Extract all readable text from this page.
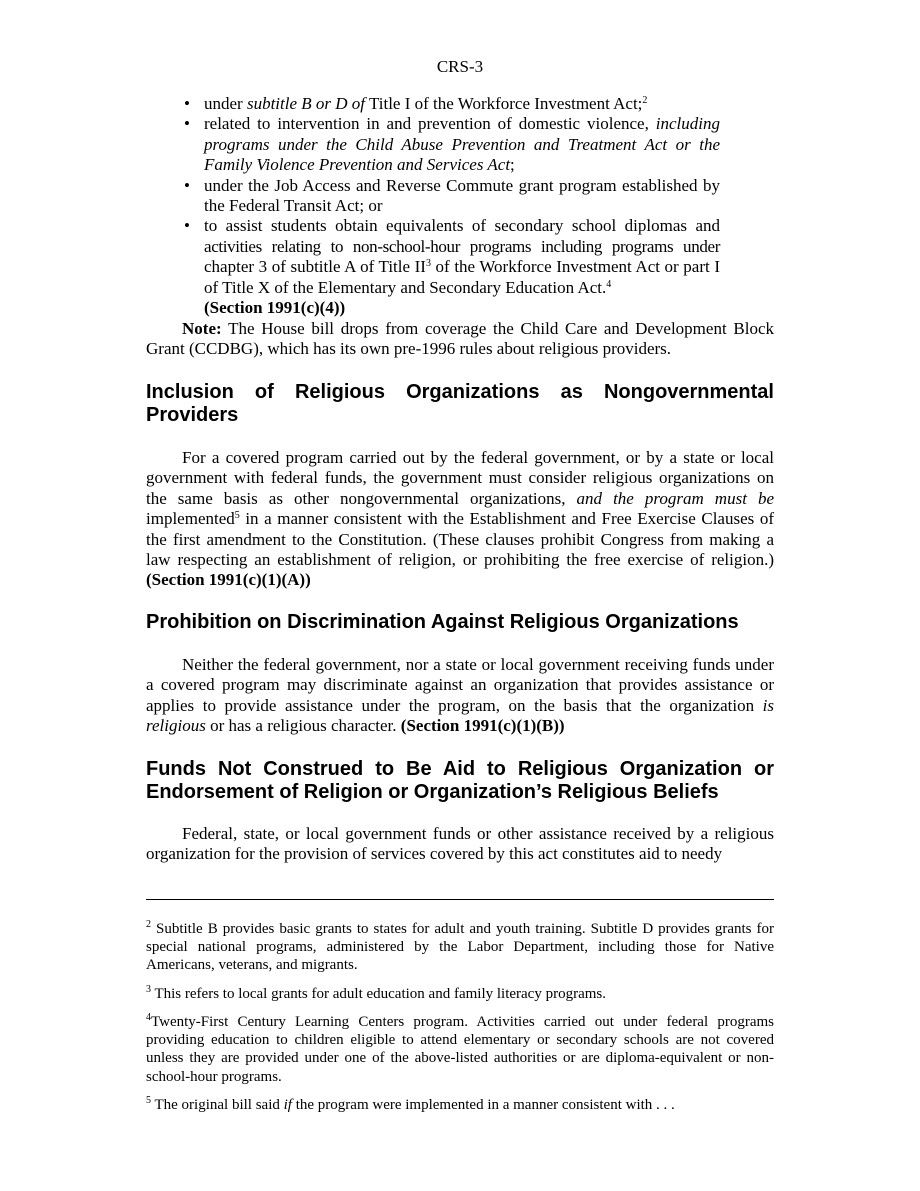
CRS-3
• under subtitle B or D of Title I of the Workforce Investment Act;$^2$
• related to intervention in and prevention of domestic violence, including programs under the Child Abuse Prevention and Treatment Act or the Family Violence Prevention and Services Act;
• under the Job Access and Reverse Commute grant program established by the Federal Transit Act; or
• to assist students obtain equivalents of secondary school diplomas and activities relating to non-school-hour programs including programs under chapter 3 of subtitle A of Title $II^3$ of the Workforce Investment Act or part I of Title X of the Elementary and Secondary Education Act.$^4$
(Section 1991(c)(4))
Note: The House bill drops from coverage the Child Care and Development Block Grant (CCDBG), which has its own pre-1996 rules about religious providers.
Inclusion of Religious Organizations as Nongovernmental Providers
For a covered program carried out by the federal government, or by a state or local government with federal funds, the government must consider religious organizations on the same basis as other nongovernmental organizations, and the program must be implemented$^5$ in a manner consistent with the Establishment and Free Exercise Clauses of the first amendment to the Constitution. (These clauses prohibit Congress from making a law respecting an establishment of religion, or prohibiting the free exercise of religion.) (Section 1991(c)(1)(A))
Prohibition on Discrimination Against Religious Organizations
Neither the federal government, nor a state or local government receiving funds under a covered program may discriminate against an organization that provides assistance or applies to provide assistance under the program, on the basis that the organization is religious or has a religious character. (Section 1991(c)(1)(B))
Funds Not Construed to Be Aid to Religious Organization or Endorsement of Religion or Organization’s Religious Beliefs
Federal, state, or local government funds or other assistance received by a religious organization for the provision of services covered by this act constitutes aid to needy
$^2$ Subtitle B provides basic grants to states for adult and youth training. Subtitle D provides grants for special national programs, administered by the Labor Department, including those for Native Americans, veterans, and migrants.
$^3$ This refers to local grants for adult education and family literacy programs.
$^4$Twenty-First Century Learning Centers program. Activities carried out under federal programs providing education to children eligible to attend elementary or secondary schools are not covered unless they are provided under one of the above-listed authorities or are diploma-equivalent or non-school-hour programs.
$^5$ The original bill said if the program were implemented in a manner consistent with . . .
